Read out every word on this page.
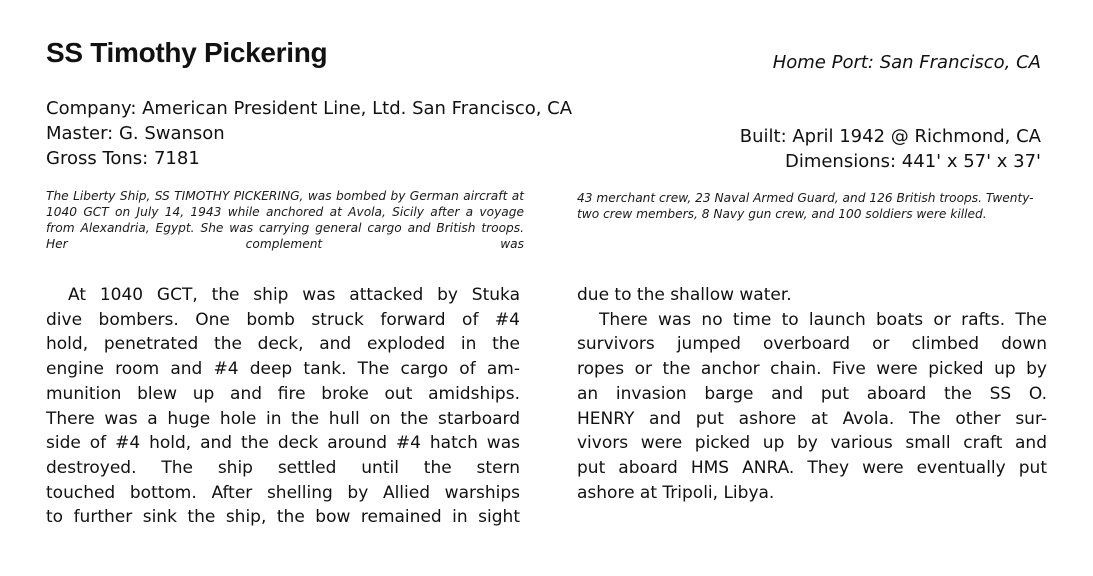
SS Timothy Pickering	Home Port: San Francisco, CA
Company: American President Line, Ltd. San Francisco, CA
Master: G. Swanson
Gross Tons: 7181
Built: April 1942 @ Richmond, CA
Dimensions: 441' x 57' x 37'
The Liberty Ship, SS TIMOTHY PICKERING, was bombed by German aircraft at 1040 GCT on July 14, 1943 while anchored at Avola, Sicily after a voyage from Alexandria, Egypt. She was carrying general cargo and British troops. Her complement was
43 merchant crew, 23 Naval Armed Guard, and 126 British troops. Twenty-two crew members, 8 Navy gun crew, and 100 soldiers were killed.
At 1040 GCT, the ship was attacked by Stuka
dive bombers. One bomb struck forward of #4
hold, penetrated the deck, and exploded in the
engine room and #4 deep tank. The cargo of am-
munition blew up and fire broke out amidships.
There was a huge hole in the hull on the starboard
side of #4 hold, and the deck around #4 hatch was
destroyed. The ship settled until the stern
touched bottom. After shelling by Allied warships
to further sink the ship, the bow remained in sight
due to the shallow water.
There was no time to launch boats or rafts. The
survivors jumped overboard or climbed down
ropes or the anchor chain. Five were picked up by
an invasion barge and put aboard the SS O.
HENRY and put ashore at Avola. The other sur-
vivors were picked up by various small craft and
put aboard HMS ANRA. They were eventually put
ashore at Tripoli, Libya.
